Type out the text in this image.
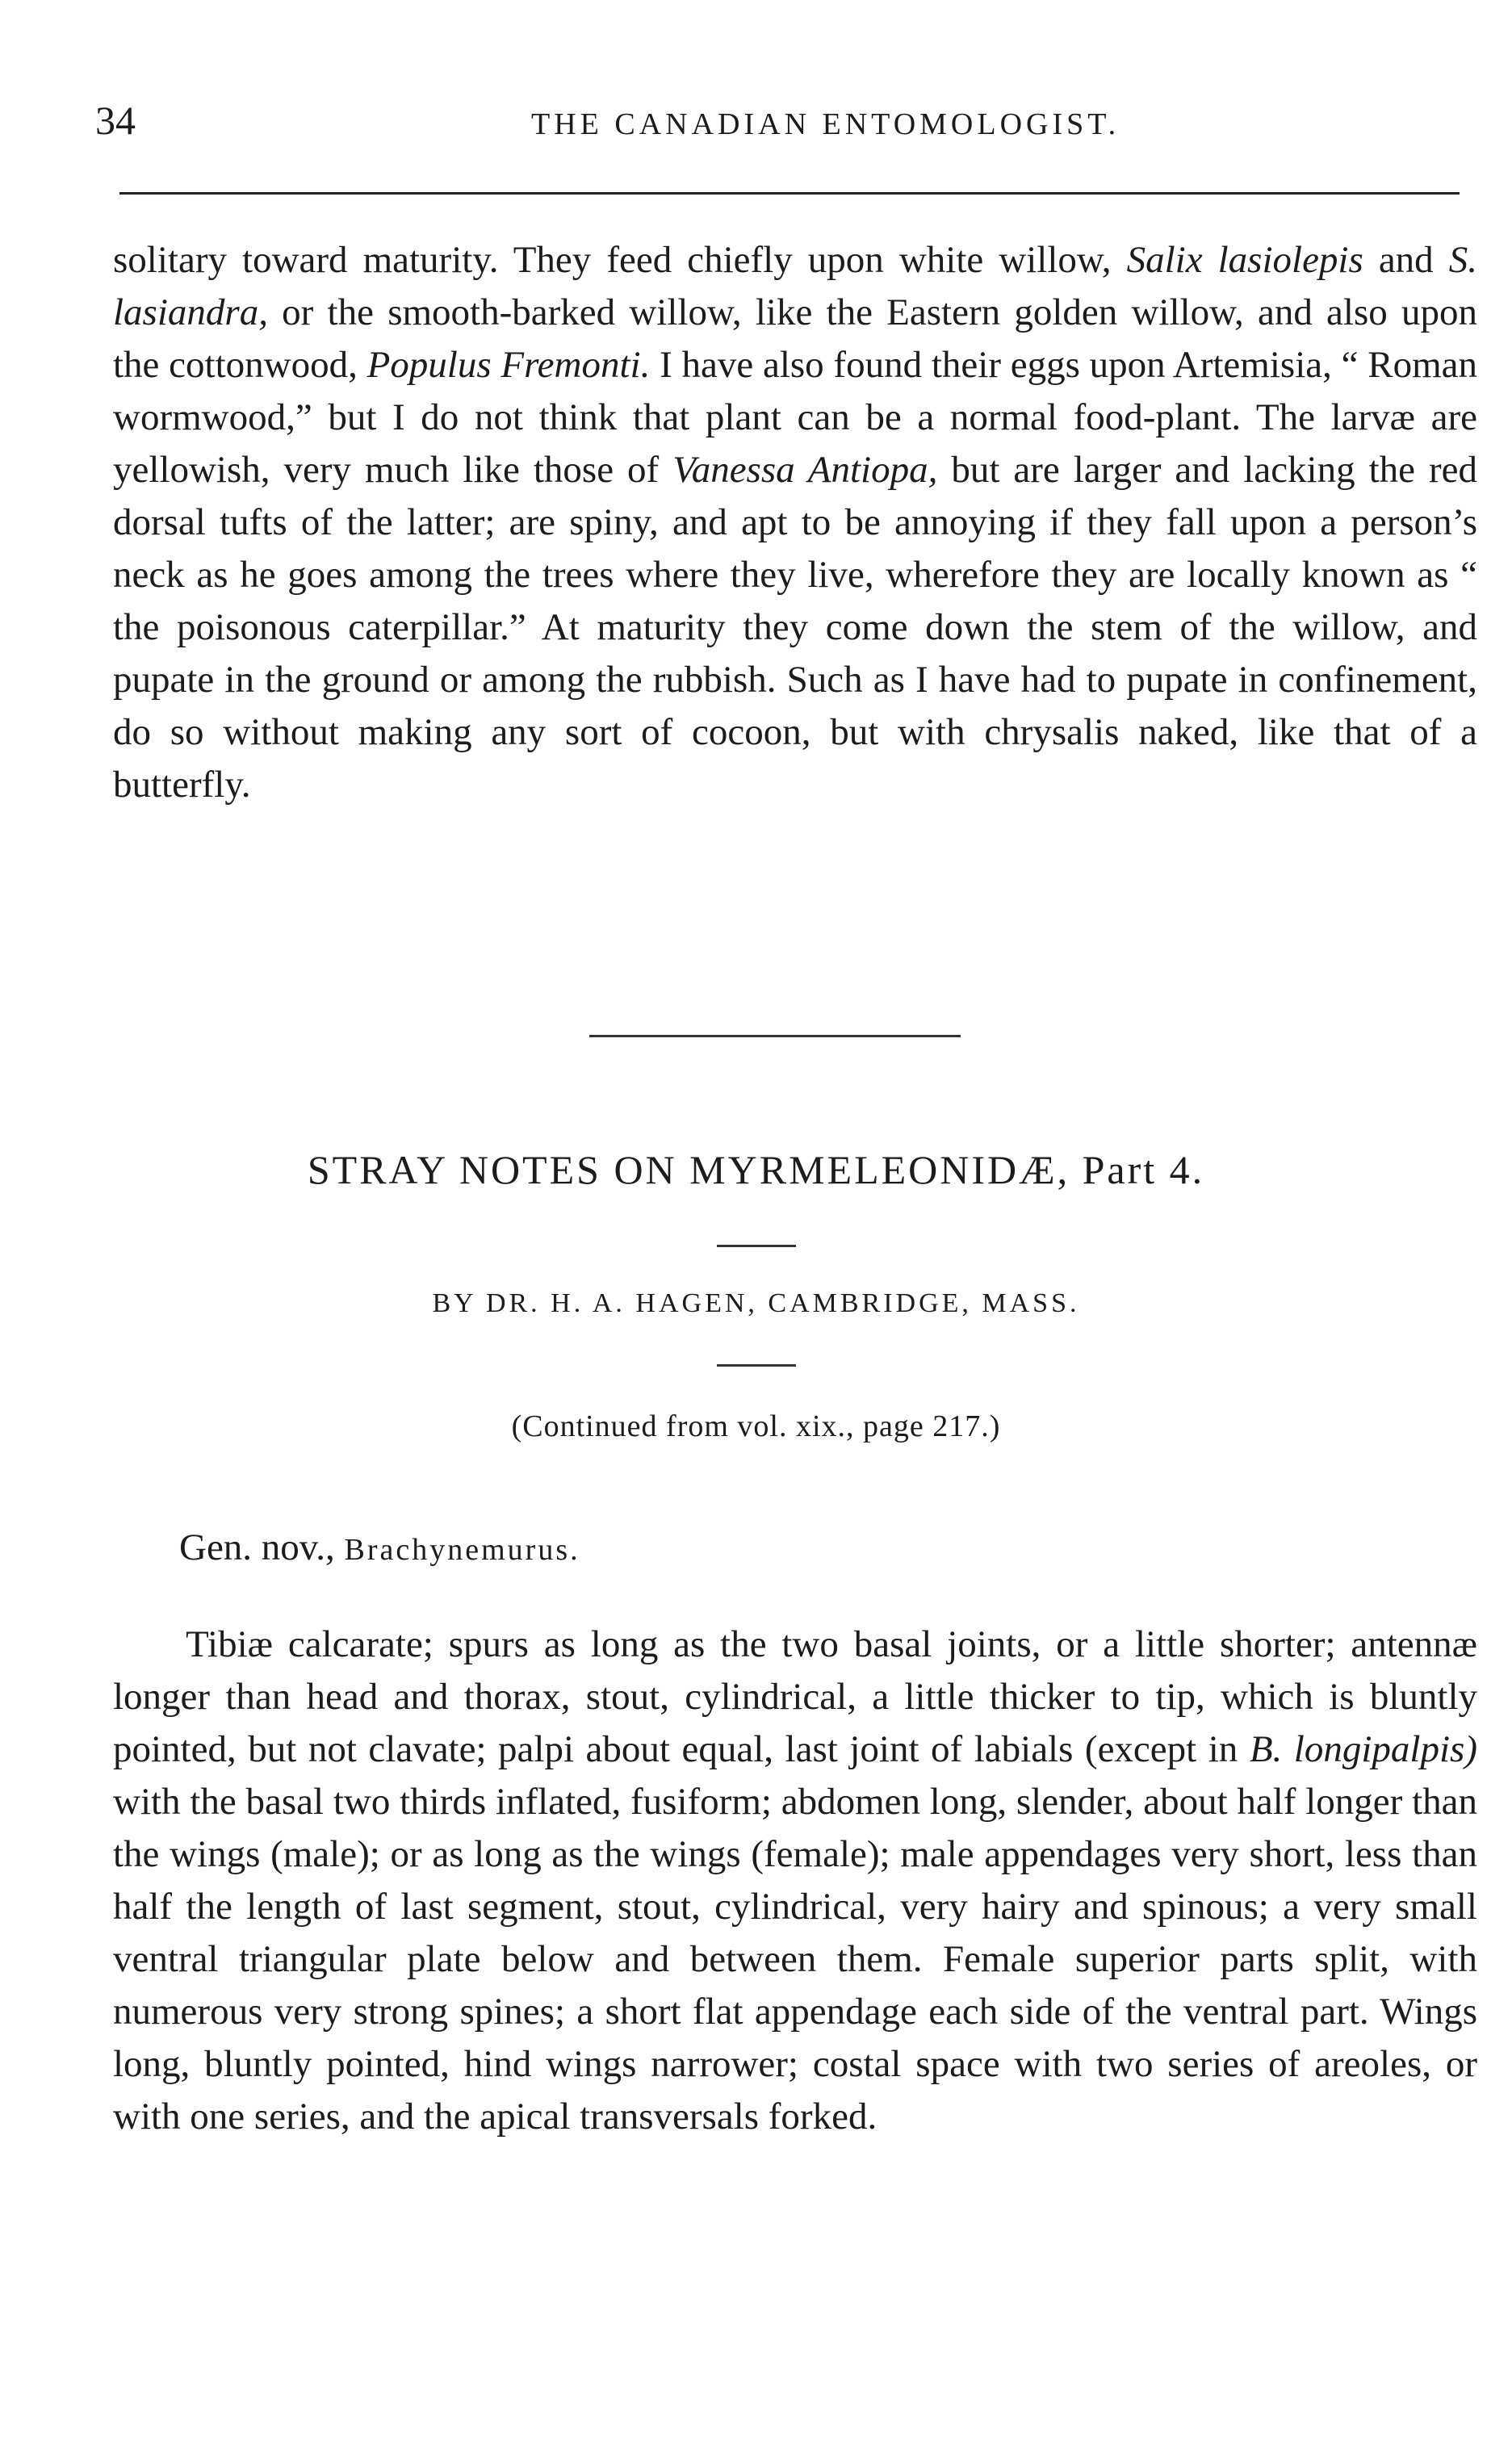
34	THE CANADIAN ENTOMOLOGIST.
solitary toward maturity. They feed chiefly upon white willow, Salix lasiolepis and S. lasiandra, or the smooth-barked willow, like the Eastern golden willow, and also upon the cottonwood, Populus Fremonti. I have also found their eggs upon Artemisia, “ Roman wormwood,” but I do not think that plant can be a normal food-plant. The larvæ are yellowish, very much like those of Vanessa Antiopa, but are larger and lacking the red dorsal tufts of the latter; are spiny, and apt to be annoying if they fall upon a person’s neck as he goes among the trees where they live, wherefore they are locally known as “ the poisonous caterpillar.” At maturity they come down the stem of the willow, and pupate in the ground or among the rubbish. Such as I have had to pupate in confinement, do so without making any sort of cocoon, but with chrysalis naked, like that of a butterfly.
STRAY NOTES ON MYRMELEONIDÆ, Part 4.
BY DR. H. A. HAGEN, CAMBRIDGE, MASS.
(Continued from vol. xix., page 217.)
Gen. nov., Brachynemurus.
Tibiæ calcarate; spurs as long as the two basal joints, or a little shorter; antennæ longer than head and thorax, stout, cylindrical, a little thicker to tip, which is bluntly pointed, but not clavate; palpi about equal, last joint of labials (except in B. longipalpis) with the basal two thirds inflated, fusiform; abdomen long, slender, about half longer than the wings (male); or as long as the wings (female); male appendages very short, less than half the length of last segment, stout, cylindrical, very hairy and spinous; a very small ventral triangular plate below and between them. Female superior parts split, with numerous very strong spines; a short flat appendage each side of the ventral part. Wings long, bluntly pointed, hind wings narrower; costal space with two series of areoles, or with one series, and the apical transversals forked.
